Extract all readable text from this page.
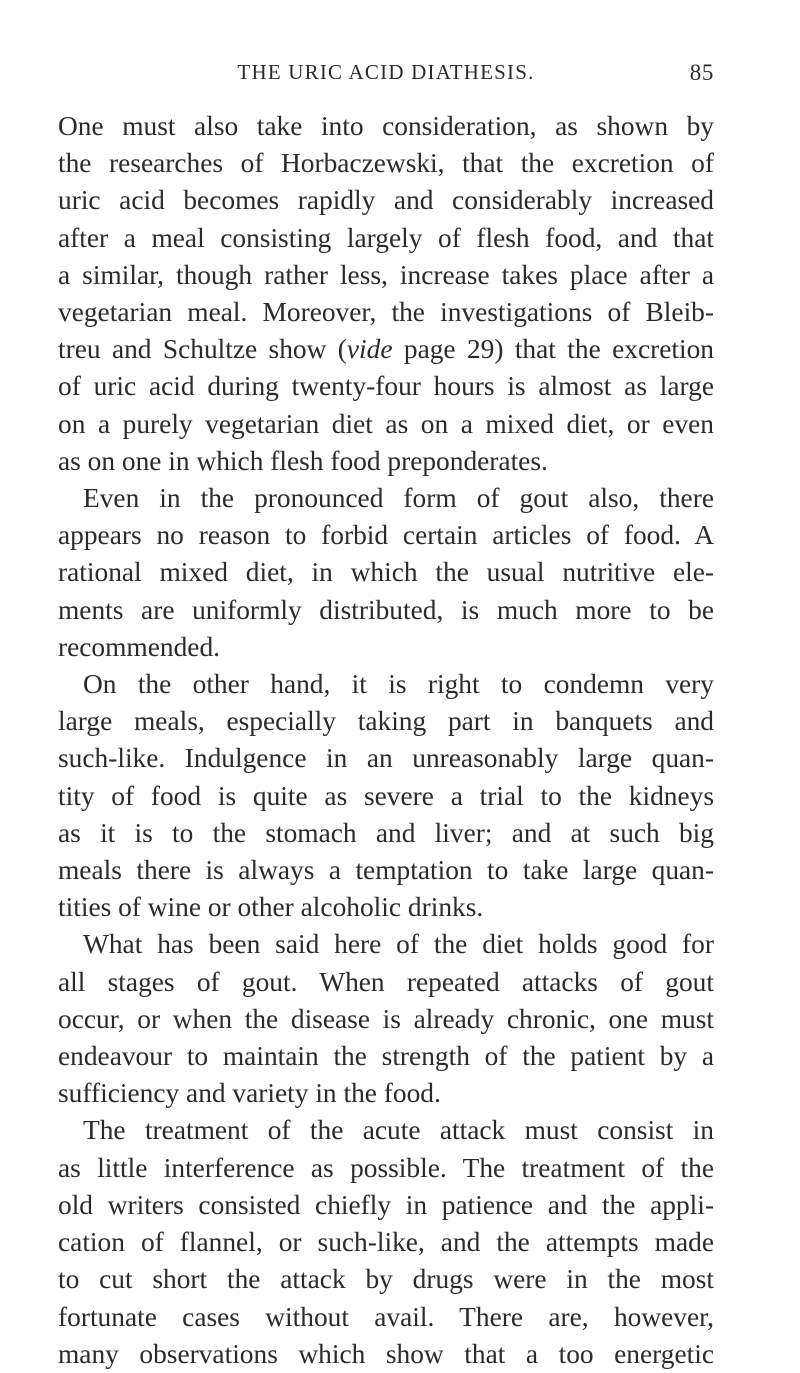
THE URIC ACID DIATHESIS.	85
One must also take into consideration, as shown by
the researches of Horbaczewski, that the excretion of
uric acid becomes rapidly and considerably increased
after a meal consisting largely of flesh food, and that
a similar, though rather less, increase takes place after a
vegetarian meal. Moreover, the investigations of Bleib-
treu and Schultze show (vide page 29) that the excretion
of uric acid during twenty-four hours is almost as large
on a purely vegetarian diet as on a mixed diet, or even
as on one in which flesh food preponderates.
Even in the pronounced form of gout also, there
appears no reason to forbid certain articles of food. A
rational mixed diet, in which the usual nutritive ele-
ments are uniformly distributed, is much more to be
recommended.
On the other hand, it is right to condemn very
large meals, especially taking part in banquets and
such-like. Indulgence in an unreasonably large quan-
tity of food is quite as severe a trial to the kidneys
as it is to the stomach and liver; and at such big
meals there is always a temptation to take large quan-
tities of wine or other alcoholic drinks.
What has been said here of the diet holds good for
all stages of gout. When repeated attacks of gout
occur, or when the disease is already chronic, one must
endeavour to maintain the strength of the patient by a
sufficiency and variety in the food.
The treatment of the acute attack must consist in
as little interference as possible. The treatment of the
old writers consisted chiefly in patience and the appli-
cation of flannel, or such-like, and the attempts made
to cut short the attack by drugs were in the most
fortunate cases without avail. There are, however,
many observations which show that a too energetic
